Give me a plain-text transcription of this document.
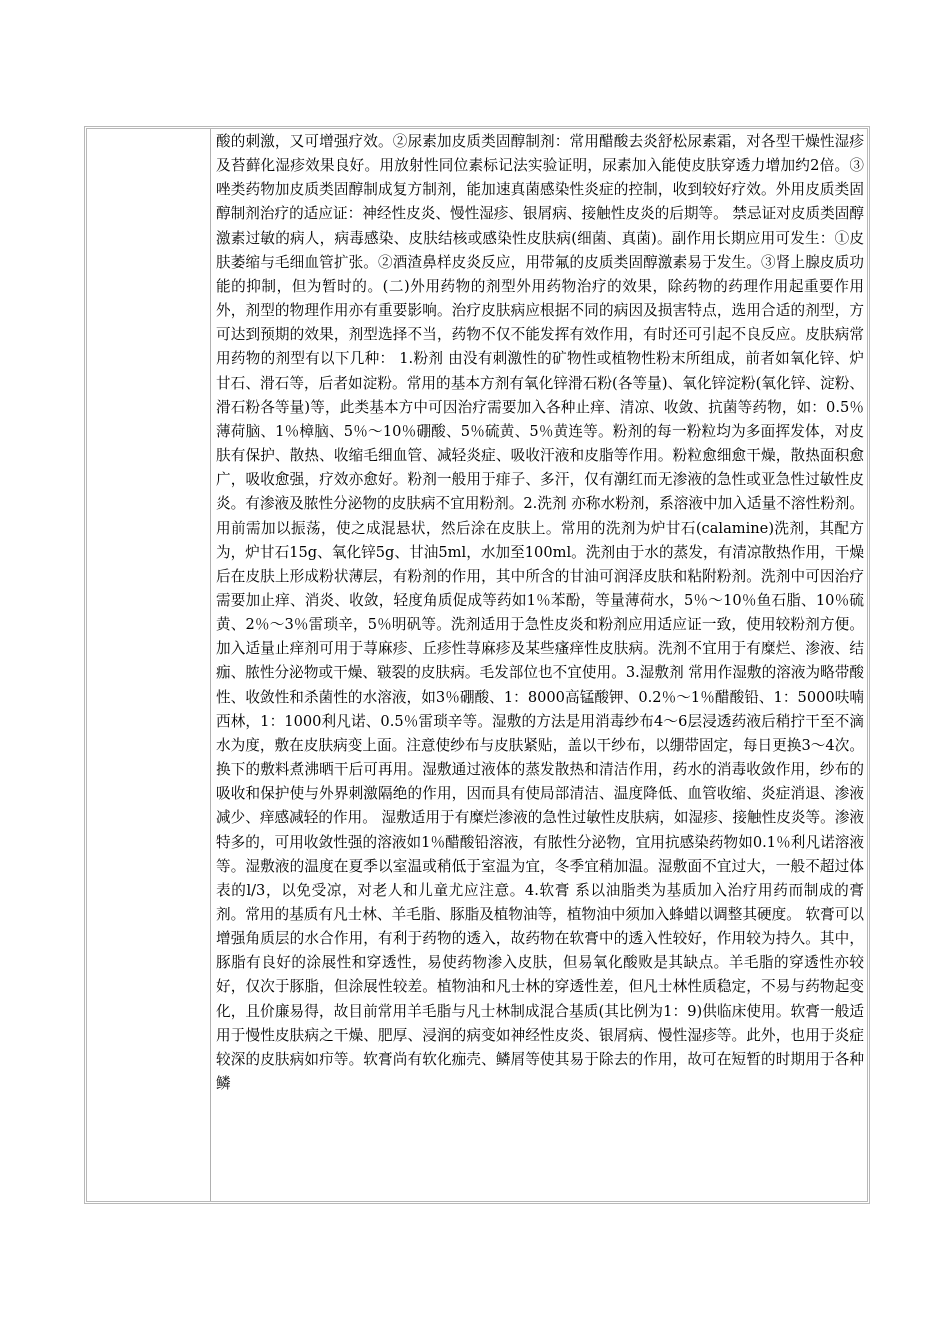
酸的刺激，又可增强疗效。②尿素加皮质类固醇制剂：常用醋酸去炎舒松尿素霜，对各型干燥性湿疹及苔藓化湿疹效果良好。用放射性同位素标记法实验证明，尿素加入能使皮肤穿透力增加约2倍。③唑类药物加皮质类固醇制成复方制剂，能加速真菌感染性炎症的控制，收到较好疗效。外用皮质类固醇制剂治疗的适应证：神经性皮炎、慢性湿疹、银屑病、接触性皮炎的后期等。 禁忌证对皮质类固醇激素过敏的病人，病毒感染、皮肤结核或感染性皮肤病(细菌、真菌)。副作用长期应用可发生：①皮肤萎缩与毛细血管扩张。②酒渣鼻样皮炎反应，用带氟的皮质类固醇激素易于发生。③肾上腺皮质功能的抑制，但为暂时的。(二)外用药物的剂型外用药物治疗的效果，除药物的药理作用起重要作用外，剂型的物理作用亦有重要影响。治疗皮肤病应根据不同的病因及损害特点，选用合适的剂型，方可达到预期的效果，剂型选择不当，药物不仅不能发挥有效作用，有时还可引起不良反应。皮肤病常用药物的剂型有以下几种： 1.粉剂 由没有刺激性的矿物性或植物性粉末所组成，前者如氧化锌、炉甘石、滑石等，后者如淀粉。常用的基本方剂有氧化锌滑石粉(各等量)、氧化锌淀粉(氧化锌、淀粉、滑石粉各等量)等，此类基本方中可因治疗需要加入各种止痒、清凉、收敛、抗菌等药物，如：0.5％薄荷脑、1％樟脑、5％～10％硼酸、5％硫黄、5％黄连等。粉剂的每一粉粒均为多面挥发体，对皮肤有保护、散热、收缩毛细血管、减轻炎症、吸收汗液和皮脂等作用。粉粒愈细愈干燥，散热面积愈广，吸收愈强，疗效亦愈好。粉剂一般用于痱子、多汗，仅有潮红而无渗液的急性或亚急性过敏性皮炎。有渗液及脓性分泌物的皮肤病不宜用粉剂。2.洗剂 亦称水粉剂，系溶液中加入适量不溶性粉剂。用前需加以振荡，使之成混悬状，然后涂在皮肤上。常用的洗剂为炉甘石(calamine)洗剂，其配方为，炉甘石15g、氧化锌5g、甘油5ml，水加至100ml。洗剂由于水的蒸发，有清凉散热作用，干燥后在皮肤上形成粉状薄层，有粉剂的作用，其中所含的甘油可润泽皮肤和粘附粉剂。洗剂中可因治疗需要加止痒、消炎、收敛，轻度角质促成等药如1％苯酚，等量薄荷水，5％～10％鱼石脂、10％硫黄、2％～3％雷琐辛，5％明矾等。洗剂适用于急性皮炎和粉剂应用适应证一致，使用较粉剂方便。加入适量止痒剂可用于荨麻疹、丘疹性荨麻疹及某些瘙痒性皮肤病。洗剂不宜用于有糜烂、渗液、结痂、脓性分泌物或干燥、皲裂的皮肤病。毛发部位也不宜使用。3.湿敷剂 常用作湿敷的溶液为略带酸性、收敛性和杀菌性的水溶液，如3％硼酸、1：8000高锰酸钾、0.2％～1％醋酸铅、1：5000呋喃西林，1：1000利凡诺、0.5％雷琐辛等。湿敷的方法是用消毒纱布4～6层浸透药液后稍拧干至不滴水为度，敷在皮肤病变上面。注意使纱布与皮肤紧贴，盖以干纱布，以绷带固定，每日更换3～4次。换下的敷料煮沸晒干后可再用。湿敷通过液体的蒸发散热和清洁作用，药水的消毒收敛作用，纱布的吸收和保护使与外界刺激隔绝的作用，因而具有使局部清洁、温度降低、血管收缩、炎症消退、渗液减少、痒感减轻的作用。 湿敷适用于有糜烂渗液的急性过敏性皮肤病，如湿疹、接触性皮炎等。渗液特多的，可用收敛性强的溶液如1％醋酸铅溶液，有脓性分泌物，宜用抗感染药物如0.1％利凡诺溶液等。湿敷液的温度在夏季以室温或稍低于室温为宜，冬季宜稍加温。湿敷面不宜过大，一般不超过体表的l/3，以免受凉，对老人和儿童尤应注意。4.软膏 系以油脂类为基质加入治疗用药而制成的膏剂。常用的基质有凡士林、羊毛脂、豚脂及植物油等，植物油中须加入蜂蜡以调整其硬度。 软膏可以增强角质层的水合作用，有利于药物的透入，故药物在软膏中的透入性较好，作用较为持久。其中，豚脂有良好的涂展性和穿透性，易使药物渗入皮肤，但易氧化酸败是其缺点。羊毛脂的穿透性亦较好，仅次于豚脂，但涂展性较差。植物油和凡士林的穿透性差，但凡士林性质稳定，不易与药物起变化，且价廉易得，故目前常用羊毛脂与凡士林制成混合基质(其比例为1：9)供临床使用。软膏一般适用于慢性皮肤病之干燥、肥厚、浸润的病变如神经性皮炎、银屑病、慢性湿疹等。此外，也用于炎症较深的皮肤病如疖等。软膏尚有软化痂壳、鳞屑等使其易于除去的作用，故可在短暂的时期用于各种鳞
